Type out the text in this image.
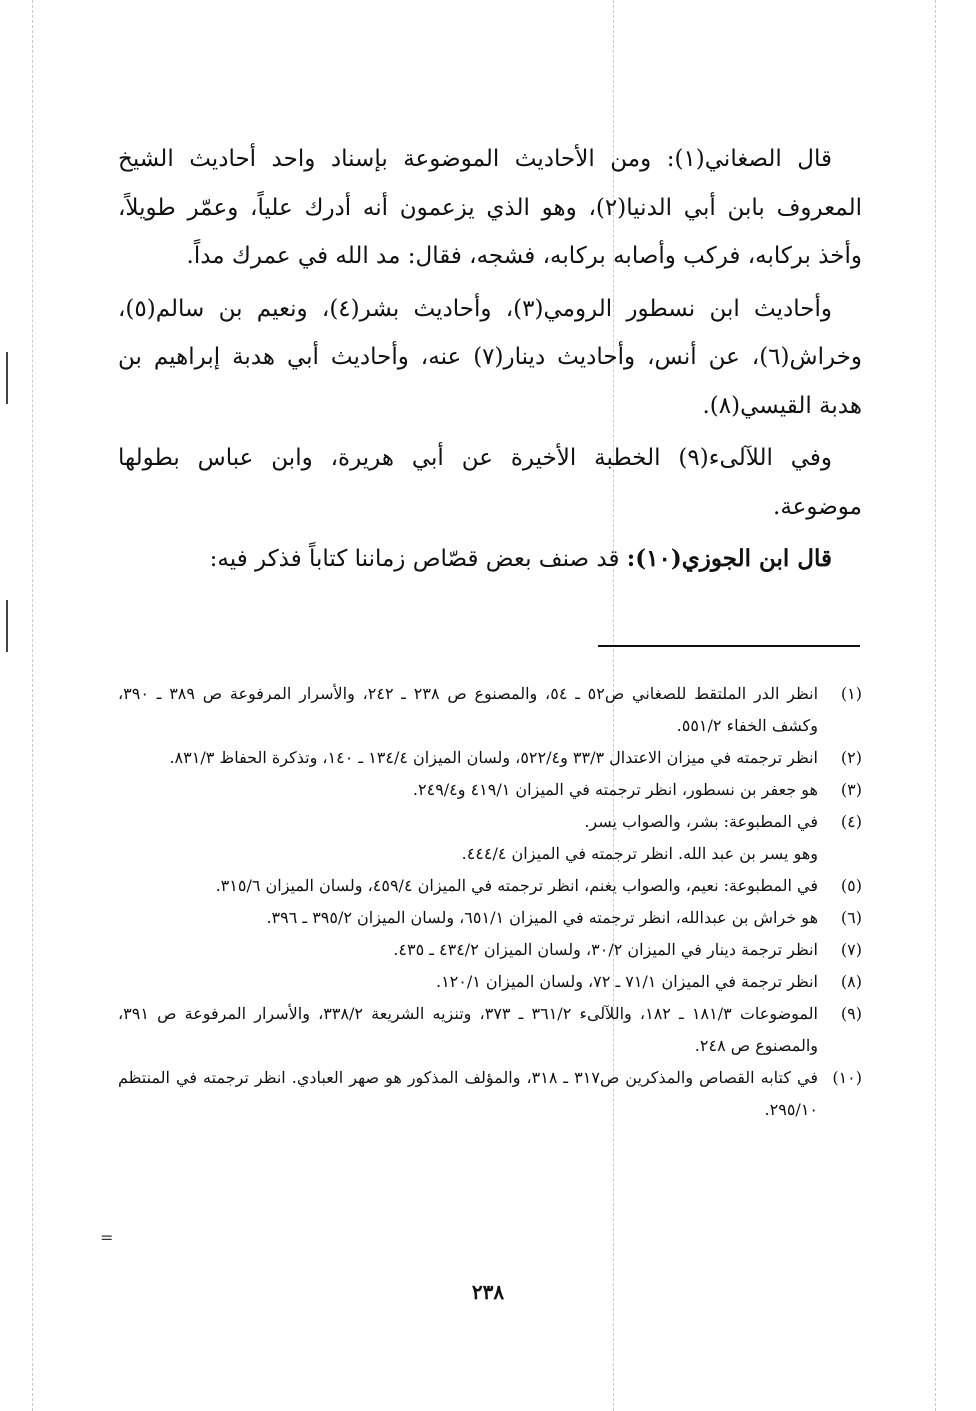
قال الصغاني(١): ومن الأحاديث الموضوعة بإسناد واحد أحاديث الشيخ المعروف بابن أبي الدنيا(٢)، وهو الذي يزعمون أنه أدرك علياً، وعمّر طويلاً، وأخذ بركابه، فركب وأصابه بركابه، فشجه، فقال: مد الله في عمرك مداً.

وأحاديث ابن نسطور الرومي(٣)، وأحاديث بشر(٤)، ونعيم بن سالم(٥)، وخراش(٦)، عن أنس، وأحاديث دينار(٧) عنه، وأحاديث أبي هدبة إبراهيم بن هدبة القيسي(٨).

وفي اللآلىء(٩) الخطبة الأخيرة عن أبي هريرة، وابن عباس بطولها موضوعة.

قال ابن الجوزي(١٠): قد صنف بعض قصّاص زماننا كتاباً فذكر فيه:

(١)
انظر الدر الملتقط للصغاني ص٥٢ ـ ٥٤، والمصنوع ص ٢٣٨ ـ ٢٤٢، والأسرار المرفوعة ص ٣٨٩ ـ ٣٩٠، وكشف الخفاء ٥٥١/٢.
(٢)
انظر ترجمته في ميزان الاعتدال ٣٣/٣ و٥٢٢/٤، ولسان الميزان ١٣٤/٤ ـ ١٤٠، وتذكرة الحفاظ ٨٣١/٣.
(٣)
هو جعفر بن نسطور، انظر ترجمته في الميزان ٤١٩/١ و٢٤٩/٤.
(٤)
في المطبوعة: بشر، والصواب يسر.
وهو يسر بن عبد الله. انظر ترجمته في الميزان ٤٤٤/٤.
(٥)
في المطبوعة: نعيم، والصواب يغنم، انظر ترجمته في الميزان ٤٥٩/٤، ولسان الميزان ٣١٥/٦.
(٦)
هو خراش بن عبدالله، انظر ترجمته في الميزان ٦٥١/١، ولسان الميزان ٣٩٥/٢ ـ ٣٩٦.
(٧)
انظر ترجمة دينار في الميزان ٣٠/٢، ولسان الميزان ٤٣٤/٢ ـ ٤٣٥.
(٨)
انظر ترجمة في الميزان ٧١/١ ـ ٧٢، ولسان الميزان ١٢٠/١.
(٩)
الموضوعات ١٨١/٣ ـ ١٨٢، واللآلىء ٣٦١/٢ ـ ٣٧٣، وتنزيه الشريعة ٣٣٨/٢، والأسرار المرفوعة ص ٣٩١، والمصنوع ص ٢٤٨.
(١٠)
في كتابه القصاص والمذكرين ص٣١٧ ـ ٣١٨، والمؤلف المذكور هو صهر العبادي. انظر ترجمته في المنتظم ٢٩٥/١٠.
=
٢٣٨
